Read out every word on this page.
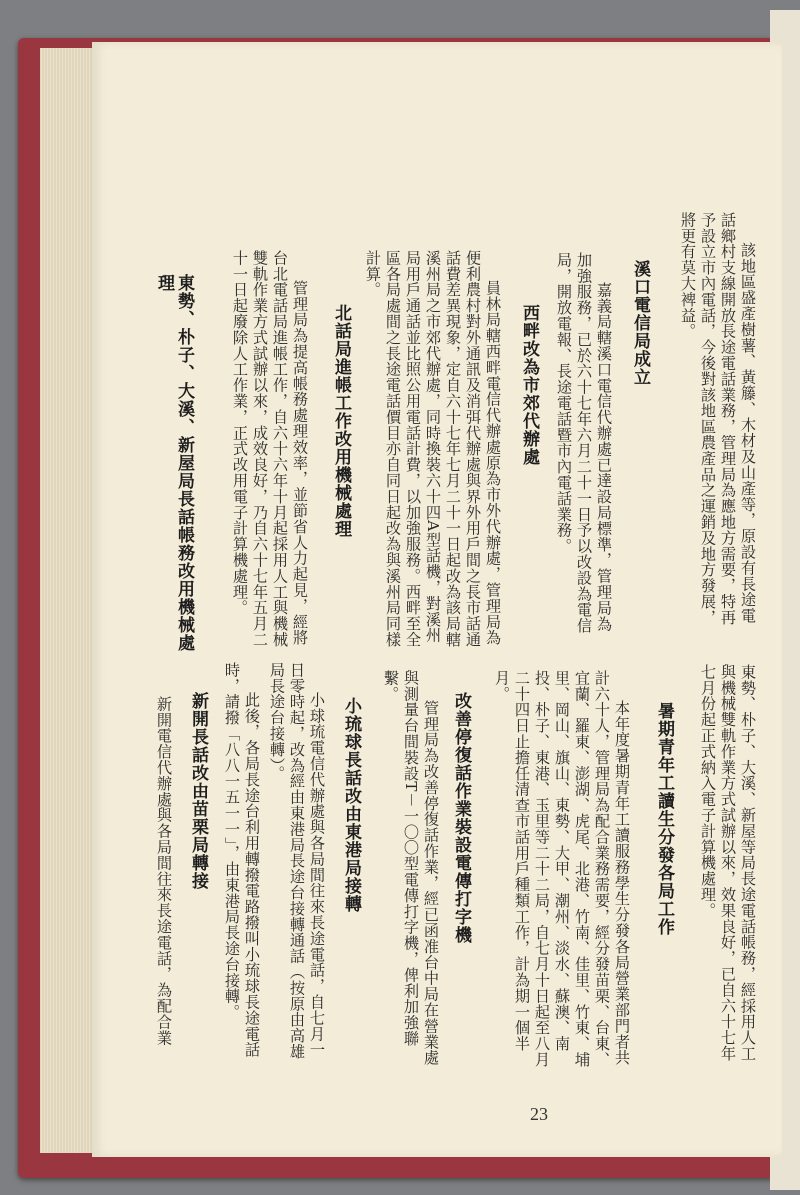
該地區盛產樹薯、黃籐、木材及山產等，原設有長途電話鄉村支線開放長途電話業務，管理局為應地方需要，特再予設立市內電話，今後對該地區農產品之運銷及地方發展，將更有莫大裨益。

溪口電信局成立

嘉義局轄溪口電信代辦處已達設局標準，管理局為加強服務，已於六十七年六月二十一日予以改設為電信局，開放電報、長途電話暨市內電話業務。

西畔改為市郊代辦處

員林局轄西畔電信代辦處原為市外代辦處，管理局為便利農村對外通訊及消弭代辦處與界外用戶間之長市話通話費差異現象，定自六十七年七月二十一日起改為該局轄溪州局之市郊代辦處，同時換裝六十四A型話機，對溪州局用戶通話並比照公用電話計費，以加強服務。西畔至全區各局處間之長途電話價目亦自同日起改為與溪州局同樣計算。

北話局進帳工作改用機械處理

管理局為提高帳務處理效率，並節省人力起見，經將台北電話局進帳工作，自六十六年十月起採用人工與機械雙軌作業方式試辦以來，成效良好，乃自六十七年五月二十一日起廢除人工作業，正式改用電子計算機處理。

東勢、朴子、大溪、新屋局長話帳務改用機械處理

東勢、朴子、大溪、新屋等局長途電話帳務，經採用人工與機械雙軌作業方式試辦以來，效果良好，已自六十七年七月份起正式納入電子計算機處理。

暑期青年工讀生分發各局工作

本年度暑期青年工讀服務學生分發各局營業部門者共計六十人，管理局為配合業務需要，經分發苗栗、台東、宜蘭、羅東、澎湖、虎尾、北港、竹南、佳里、竹東、埔里、岡山、旗山、東勢、大甲、潮州、淡水、蘇澳、南投、朴子、東港、玉里等二十二局，自七月十日起至八月二十四日止擔任清查市話用戶種類工作，計為期一個半月。

改善停復話作業裝設電傳打字機

管理局為改善停復話作業，經已函准台中局在營業處與測量台間裝設T－一〇〇型電傳打字機，俾利加強聯繫。

小琉球長話改由東港局接轉

小球琉電信代辦處與各局間往來長途電話，自七月一日零時起，改為經由東港局長途台接轉通話（按原由高雄局長途台接轉）。

此後，各局長途台利用轉撥電路撥叫小琉球長途電話時，請撥「八八一五一一」，由東港局長途台接轉。

新開長話改由苗栗局轉接

新開電信代辦處與各局間往來長途電話，為配合業

23
